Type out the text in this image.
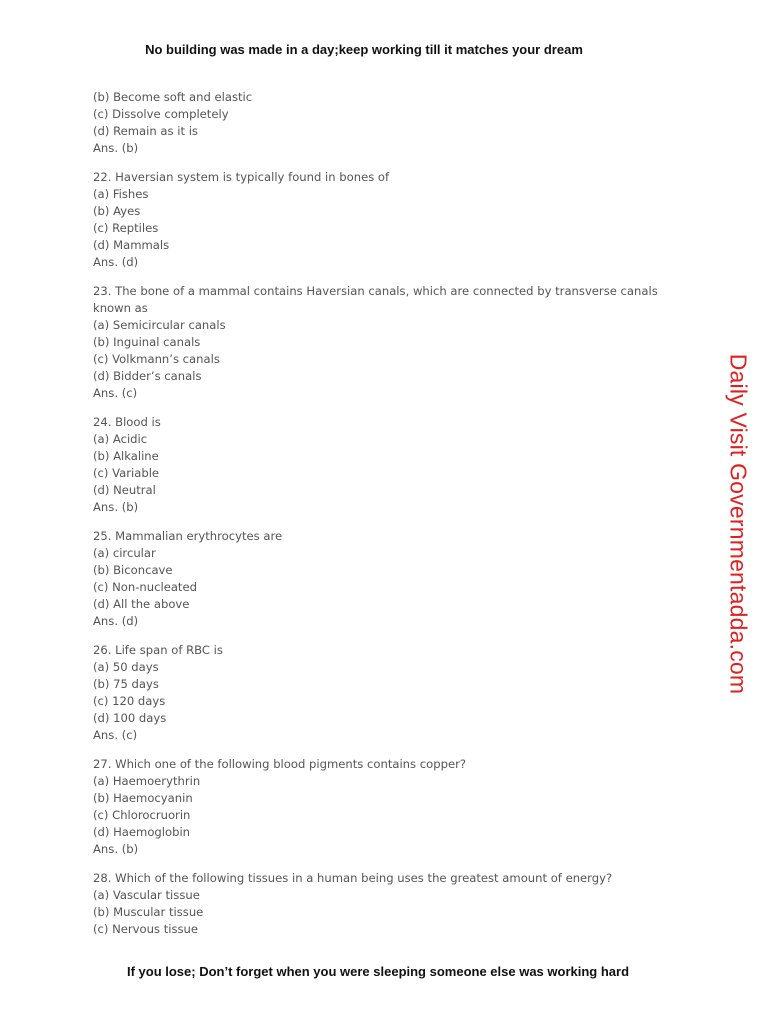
No building was made in a day;keep working till it matches your dream
(b) Become soft and elastic
(c) Dissolve completely
(d) Remain as it is
Ans. (b)
22. Haversian system is typically found in bones of
(a) Fishes
(b) Ayes
(c) Reptiles
(d) Mammals
Ans. (d)
23. The bone of a mammal contains Haversian canals, which are connected by transverse canals known as
(a) Semicircular canals
(b) Inguinal canals
(c) Volkmann’s canals
(d) Bidder’s canals
Ans. (c)
24. Blood is
(a) Acidic
(b) Alkaline
(c) Variable
(d) Neutral
Ans. (b)
25. Mammalian erythrocytes are
(a) circular
(b) Biconcave
(c) Non-nucleated
(d) All the above
Ans. (d)
26. Life span of RBC is
(a) 50 days
(b) 75 days
(c) 120 days
(d) 100 days
Ans. (c)
27. Which one of the following blood pigments contains copper?
(a) Haemoerythrin
(b) Haemocyanin
(c) Chlorocruorin
(d) Haemoglobin
Ans. (b)
28. Which of the following tissues in a human being uses the greatest amount of energy?
(a) Vascular tissue
(b) Muscular tissue
(c) Nervous tissue
Daily Visit Governmentadda.com
If you lose; Don’t forget when you were sleeping someone else was working hard
